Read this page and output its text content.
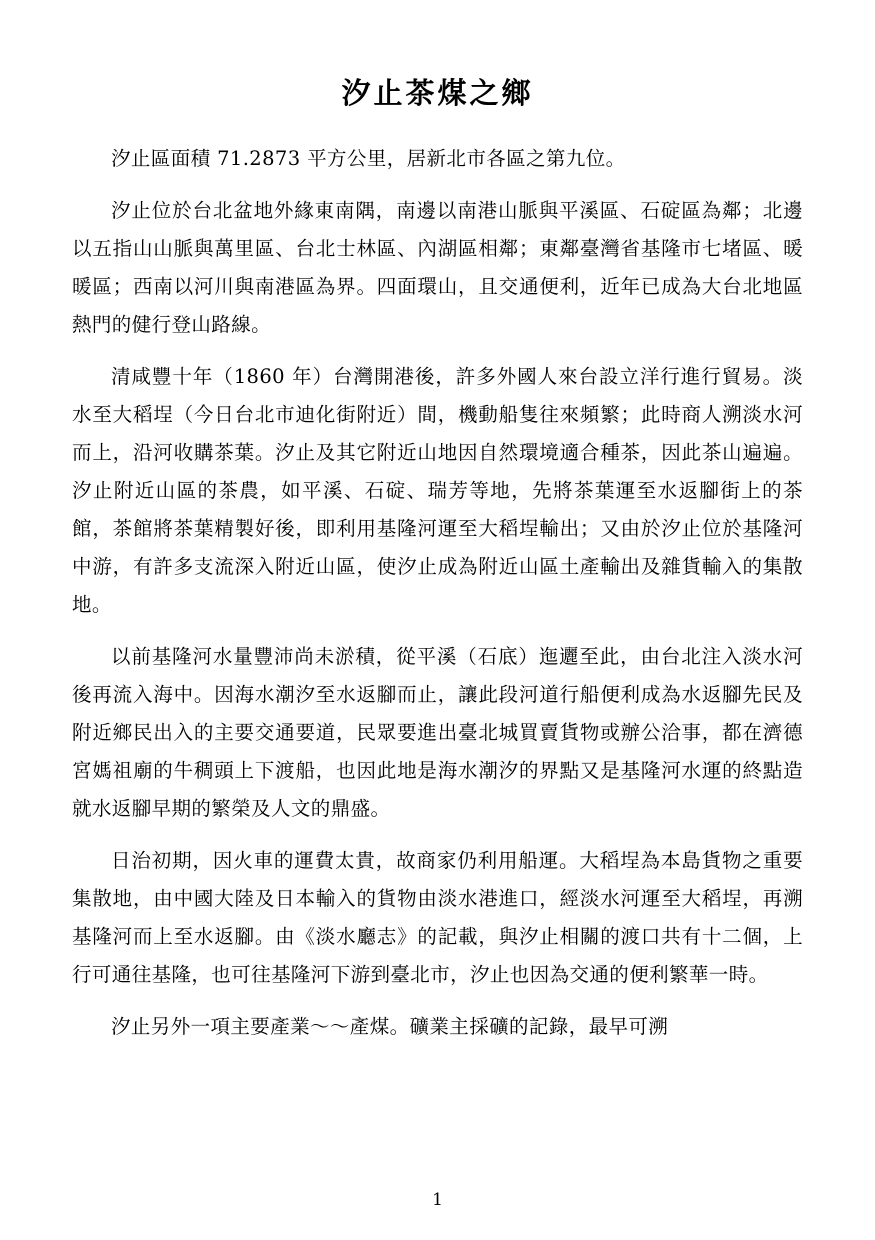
汐止茶煤之鄉

汐止區面積 71.2873 平方公里，居新北市各區之第九位。

汐止位於台北盆地外緣東南隅，南邊以南港山脈與平溪區、石碇區為鄰；北邊以五指山山脈與萬里區、台北士林區、內湖區相鄰；東鄰臺灣省基隆市七堵區、暖暖區；西南以河川與南港區為界。四面環山，且交通便利，近年已成為大台北地區熱門的健行登山路線。

清咸豐十年（1860 年）台灣開港後，許多外國人來台設立洋行進行貿易。淡水至大稻埕（今日台北市迪化街附近）間，機動船隻往來頻繁；此時商人溯淡水河而上，沿河收購茶葉。汐止及其它附近山地因自然環境適合種茶，因此茶山遍遍。汐止附近山區的茶農，如平溪、石碇、瑞芳等地，先將茶葉運至水返腳街上的茶館，茶館將茶葉精製好後，即利用基隆河運至大稻埕輸出；又由於汐止位於基隆河中游，有許多支流深入附近山區，使汐止成為附近山區土產輸出及雜貨輸入的集散地。

以前基隆河水量豐沛尚未淤積，從平溪（石底）迤邐至此，由台北注入淡水河後再流入海中。因海水潮汐至水返腳而止，讓此段河道行船便利成為水返腳先民及附近鄉民出入的主要交通要道，民眾要進出臺北城買賣貨物或辦公洽事，都在濟德宮媽祖廟的牛稠頭上下渡船，也因此地是海水潮汐的界點又是基隆河水運的終點造就水返腳早期的繁榮及人文的鼎盛。

日治初期，因火車的運費太貴，故商家仍利用船運。大稻埕為本島貨物之重要集散地，由中國大陸及日本輸入的貨物由淡水港進口，經淡水河運至大稻埕，再溯基隆河而上至水返腳。由《淡水廳志》的記載，與汐止相關的渡口共有十二個，上行可通往基隆，也可往基隆河下游到臺北市，汐止也因為交通的便利繁華一時。

汐止另外一項主要產業～～產煤。礦業主採礦的記錄，最早可溯

1
